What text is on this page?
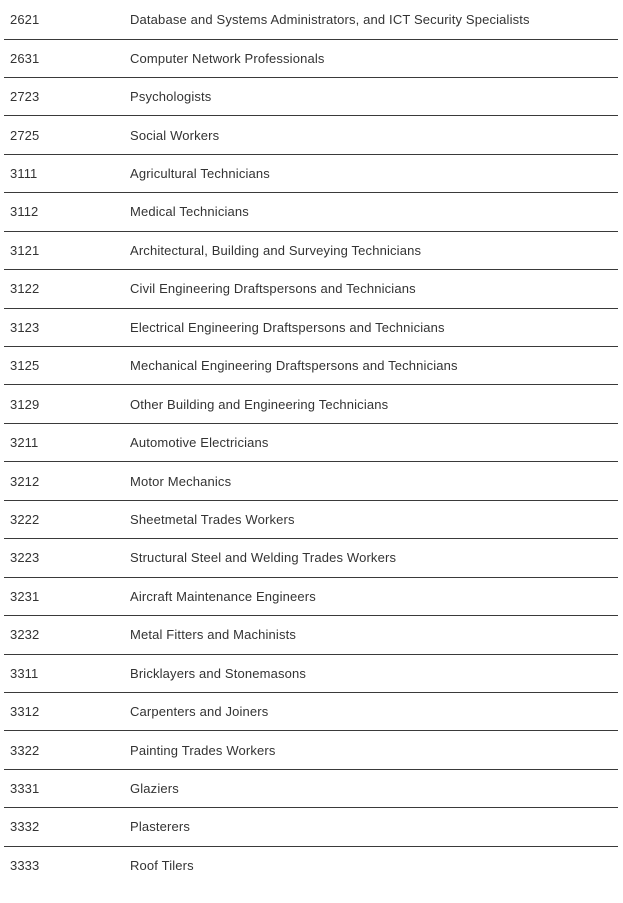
2621	Database and Systems Administrators, and ICT Security Specialists
2631	Computer Network Professionals
2723	Psychologists
2725	Social Workers
3111	Agricultural Technicians
3112	Medical Technicians
3121	Architectural, Building and Surveying Technicians
3122	Civil Engineering Draftspersons and Technicians
3123	Electrical Engineering Draftspersons and Technicians
3125	Mechanical Engineering Draftspersons and Technicians
3129	Other Building and Engineering Technicians
3211	Automotive Electricians
3212	Motor Mechanics
3222	Sheetmetal Trades Workers
3223	Structural Steel and Welding Trades Workers
3231	Aircraft Maintenance Engineers
3232	Metal Fitters and Machinists
3311	Bricklayers and Stonemasons
3312	Carpenters and Joiners
3322	Painting Trades Workers
3331	Glaziers
3332	Plasterers
3333	Roof Tilers
